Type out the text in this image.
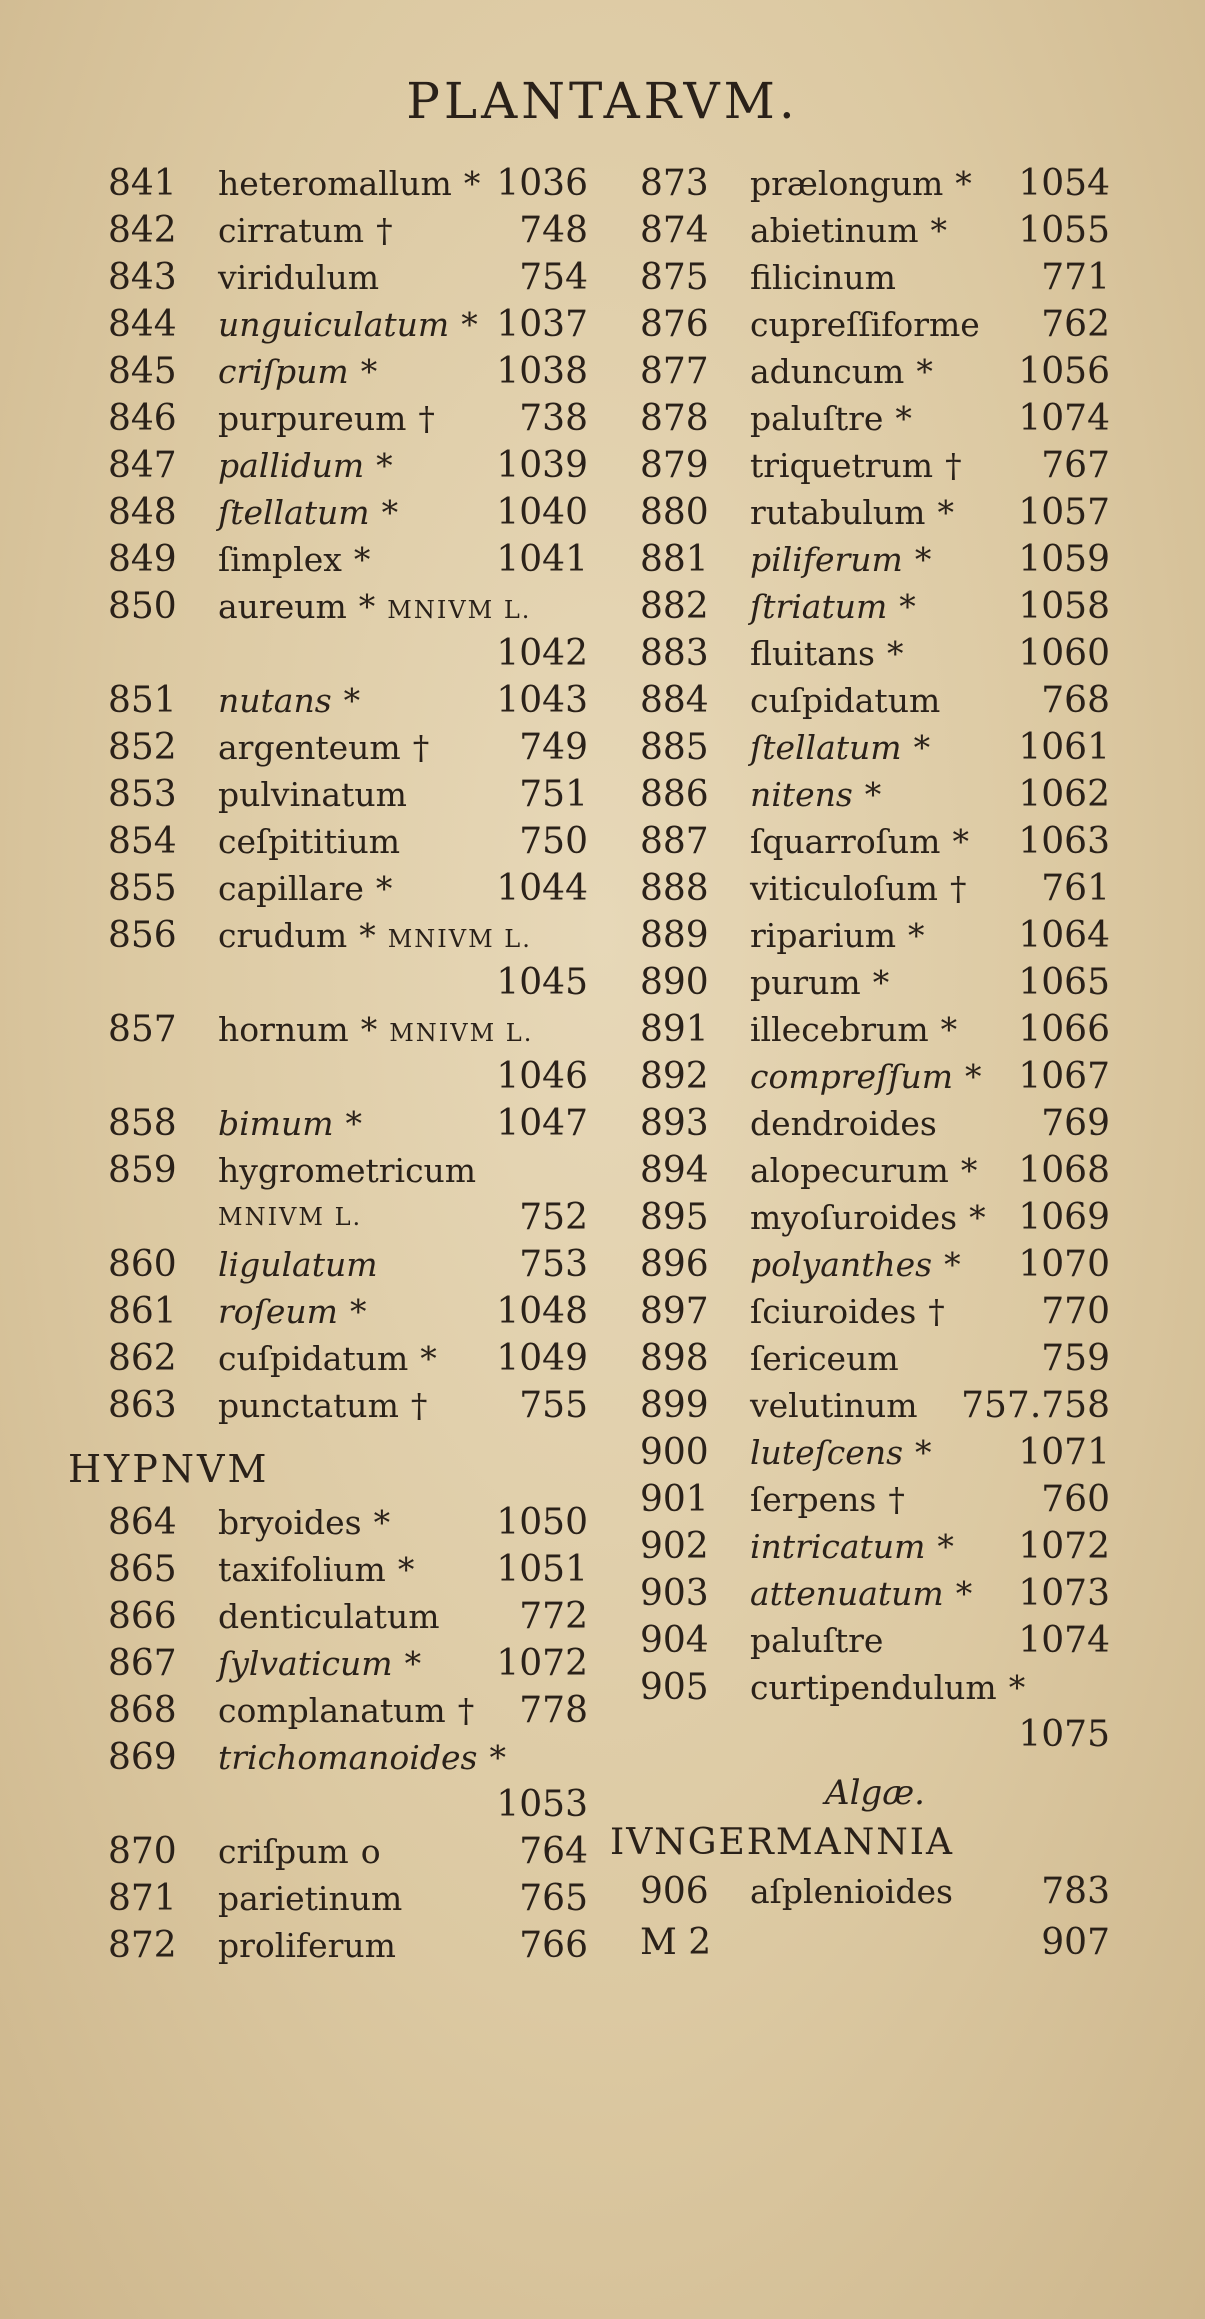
PLANTARVM.
841	heteromallum * 1036
842	cirratum †	748
843	viridulum	754
844	unguiculatum * 1037
845	criſpum *	1038
846	purpureum † 738
847	pallidum *	1039
848	ſtellatum *	1040
849	ſimplex *	1041
850	aureum * MNIVM L.
1042
851	nutans *	1043
852	argenteum †	749
853	pulvinatum	751
854	ceſpititium	750
855	capillare *	1044
856	crudum * MNIVM L.
1045
857	hornum * MNIVM L.
1046
858	bimum *	1047
859	hygrometricum
MNIVM L.	752
860	ligulatum	753
861	roſeum *	1048
862	cuſpidatum * 1049
863	punctatum †	755
HYPNVM
864	bryoides *	1050
865	taxifolium * 1051
866	denticulatum 772
867	ſylvaticum * 1072
868	complanatum † 778
869	trichomanoides *
1053
870	criſpum o	764
871	parietinum	765
872	proliferum	766
873	prælongum * 1054
874	abietinum * 1055
875	filicinum	771
876	cupreſſiforme 762
877	aduncum * 1056
878	paluſtre *	1074
879	triquetrum † 767
880	rutabulum * 1057
881	piliferum * 1059
882	ſtriatum *	1058
883	fluitans *	1060
884	cuſpidatum	768
885	ſtellatum * 1061
886	nitens *	1062
887	ſquarroſum * 1063
888	viticuloſum † 761
889	riparium *	1064
890	purum *	1065
891	illecebrum * 1066
892	compreſſum * 1067
893	dendroides	769
894	alopecurum * 1068
895	myoſuroides * 1069
896	polyanthes * 1070
897	ſciuroides †	770
898	ſericeum	759
899	velutinum 757.758
900	luteſcens * 1071
901	ſerpens †	760
902	intricatum * 1072
903	attenuatum * 1073
904	paluſtre	1074
905	curtipendulum *
1075
Algæ.
IVNGERMANNIA
906	aſplenioides 783
M 2	907
